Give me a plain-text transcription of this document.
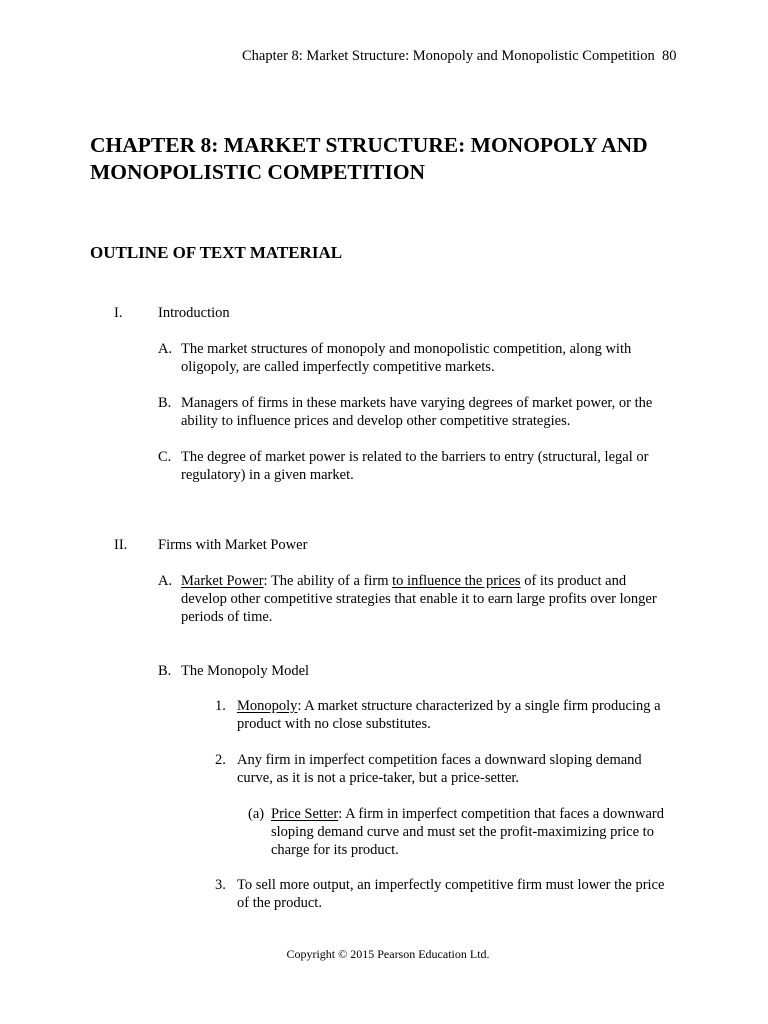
Chapter 8: Market Structure: Monopoly and Monopolistic Competition 80
CHAPTER 8: MARKET STRUCTURE: MONOPOLY AND
MONOPOLISTIC COMPETITION
OUTLINE OF TEXT MATERIAL
I. Introduction
A. The market structures of monopoly and monopolistic competition, along with
oligopoly, are called imperfectly competitive markets.
B. Managers of firms in these markets have varying degrees of market power, or the
ability to influence prices and develop other competitive strategies.
C. The degree of market power is related to the barriers to entry (structural, legal or
regulatory) in a given market.
II. Firms with Market Power
A. Market Power: The ability of a firm to influence the prices of its product and
develop other competitive strategies that enable it to earn large profits over longer
periods of time.
B. The Monopoly Model
1. Monopoly: A market structure characterized by a single firm producing a
product with no close substitutes.
2. Any firm in imperfect competition faces a downward sloping demand
curve, as it is not a price-taker, but a price-setter.
(a) Price Setter: A firm in imperfect competition that faces a downward
sloping demand curve and must set the profit-maximizing price to
charge for its product.
3. To sell more output, an imperfectly competitive firm must lower the price
of the product.
Copyright © 2015 Pearson Education Ltd.
